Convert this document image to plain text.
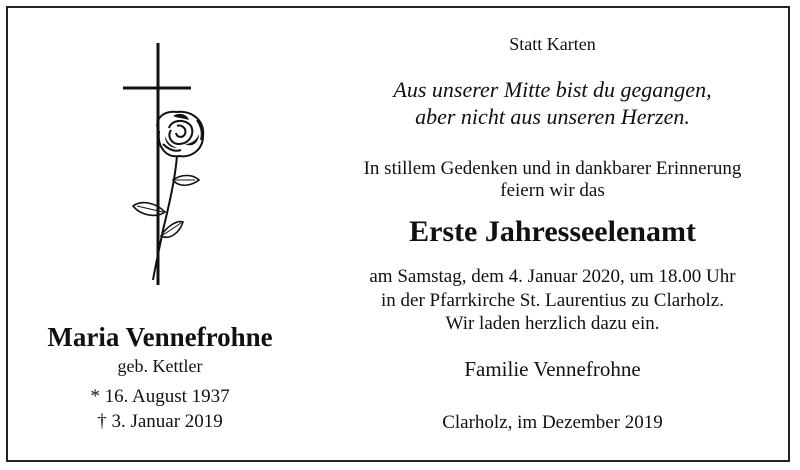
Maria Vennefrohne
geb. Kettler
* 16. August 1937
† 3. Januar 2019
Statt Karten
Aus unserer Mitte bist du gegangen,
aber nicht aus unseren Herzen.
In stillem Gedenken und in dankbarer Erinnerung
feiern wir das
Erste Jahresseelenamt
am Samstag, dem 4. Januar 2020, um 18.00 Uhr
in der Pfarrkirche St. Laurentius zu Clarholz.
Wir laden herzlich dazu ein.
Familie Vennefrohne
Clarholz, im Dezember 2019
